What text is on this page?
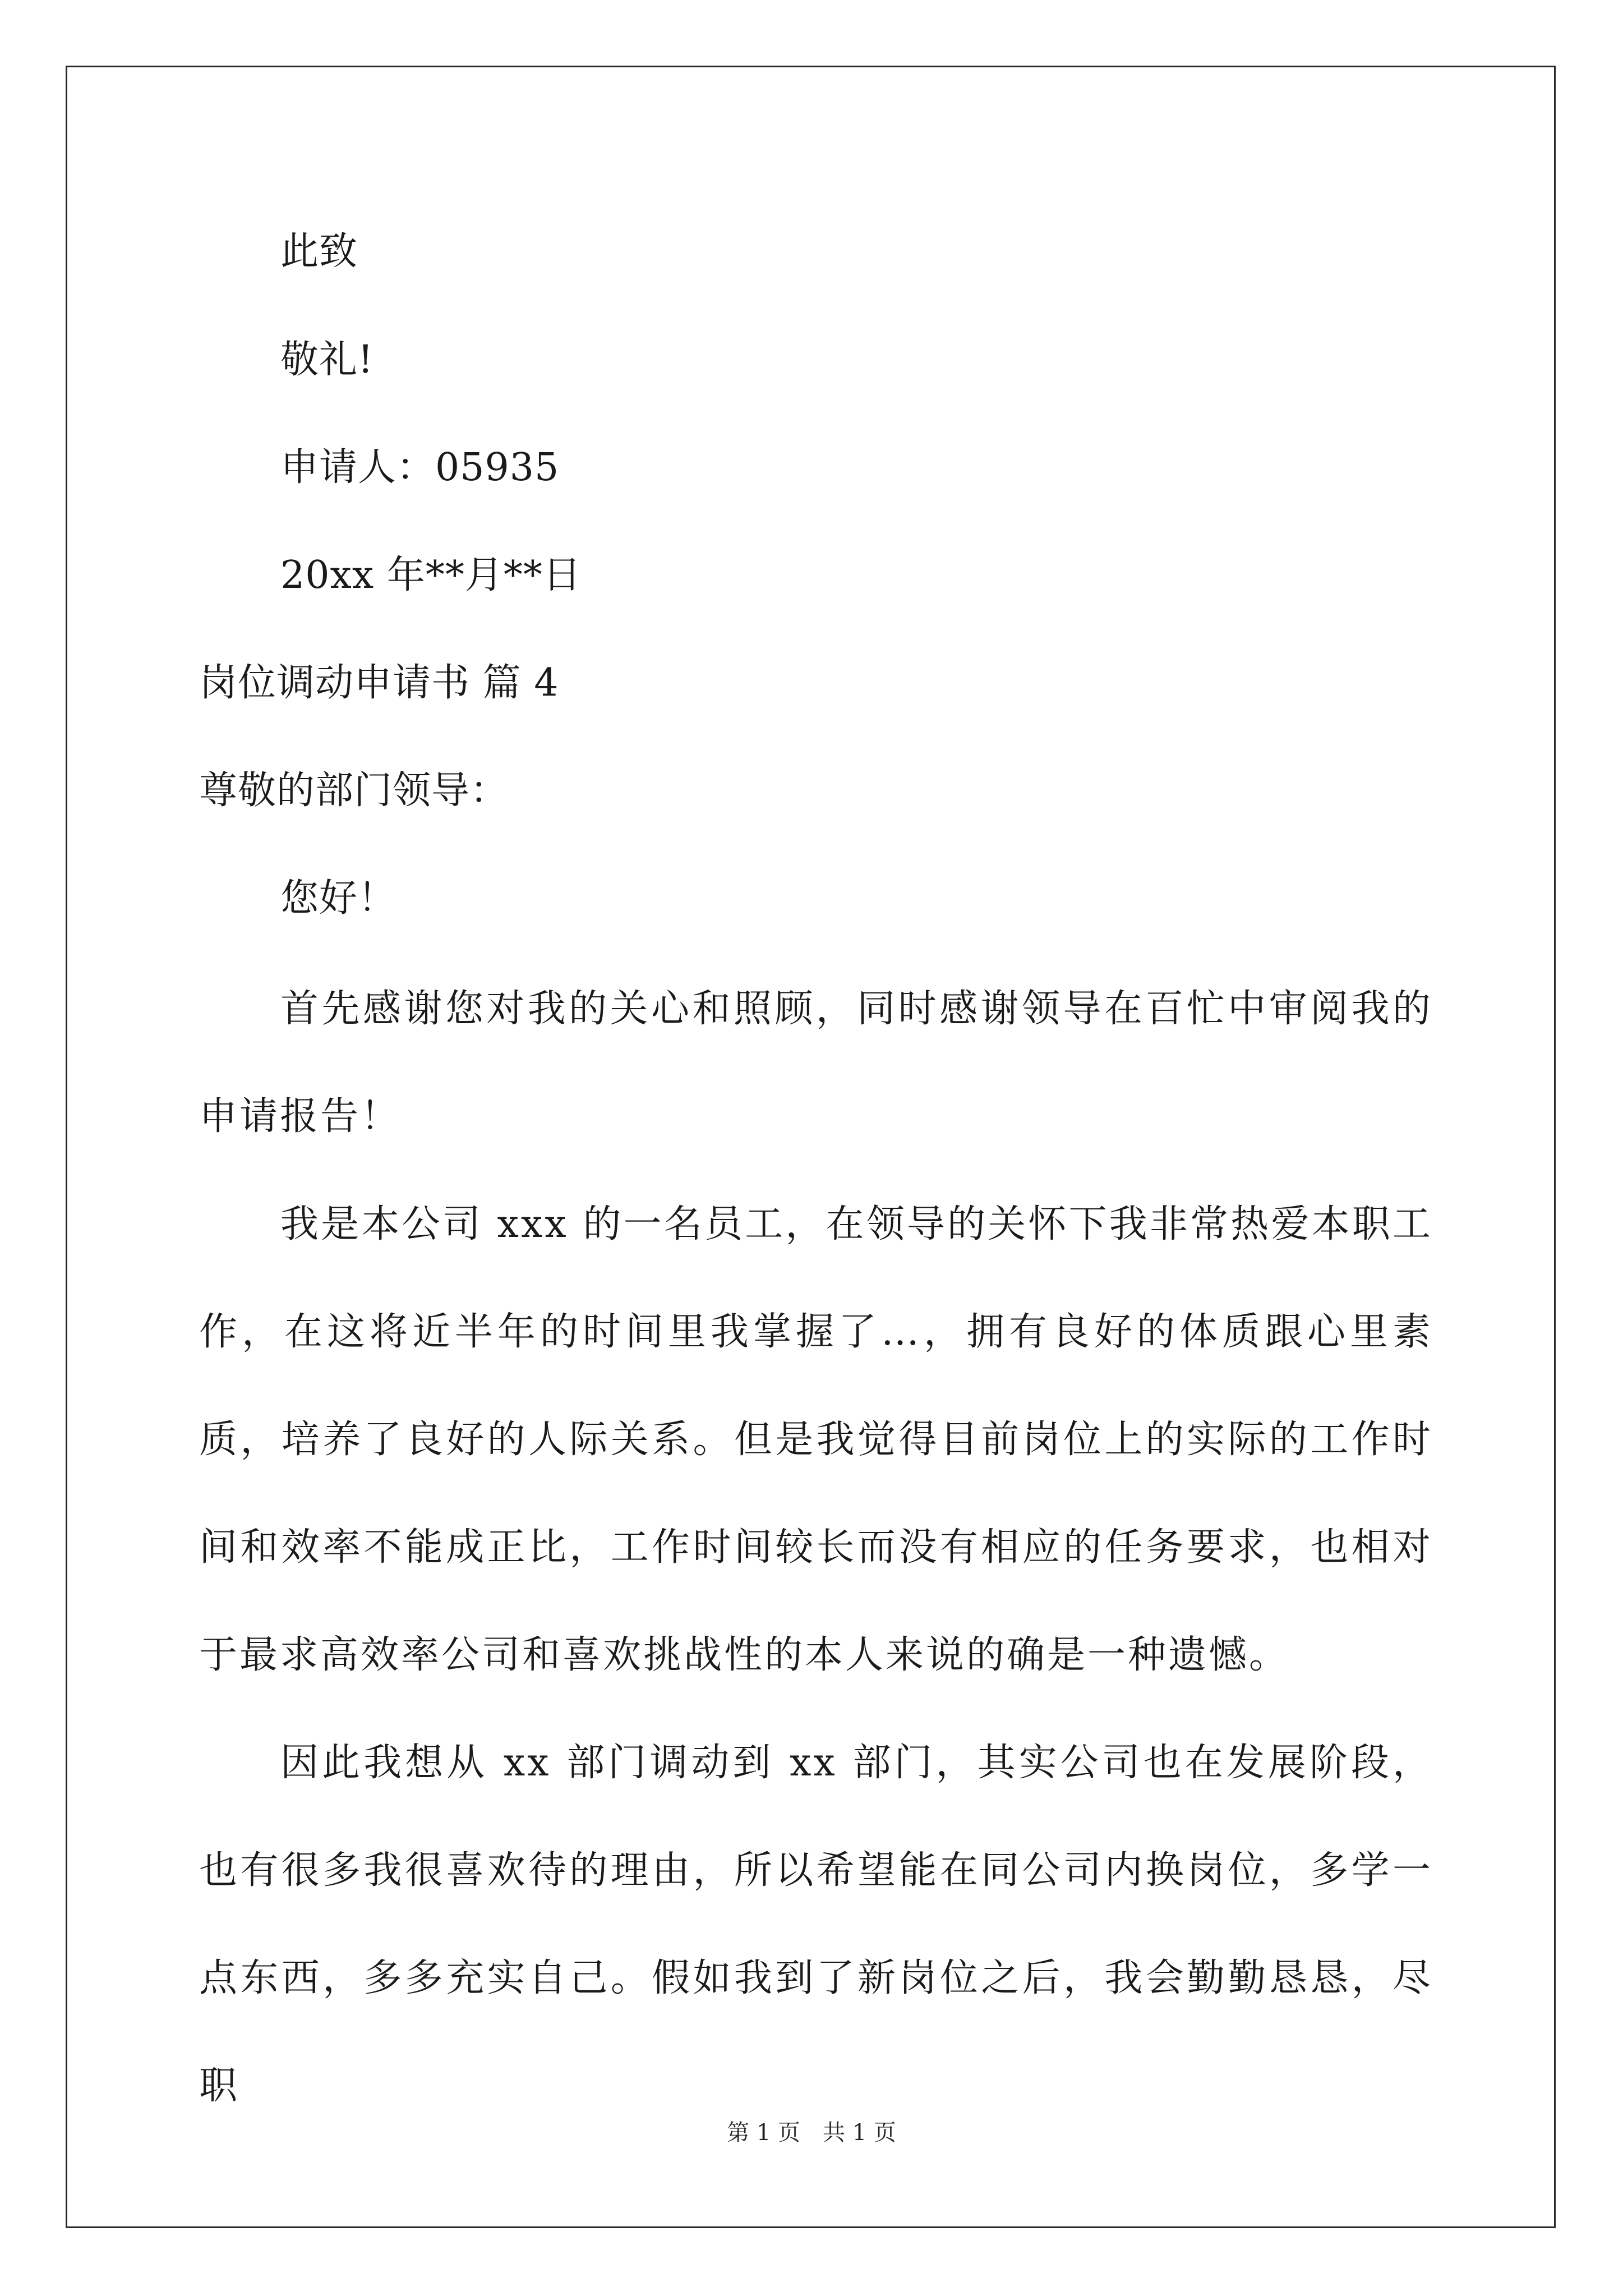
此致
敬礼!
申请人：05935
20xx 年**月**日
岗位调动申请书 篇 4
尊敬的部门领导：
您好！

首先感谢您对我的关心和照顾，同时感谢领导在百忙中审阅我的申请报告！

我是本公司 xxx 的一名员工，在领导的关怀下我非常热爱本职工作，在这将近半年的时间里我掌握了…，拥有良好的体质跟心里素质，培养了良好的人际关系。但是我觉得目前岗位上的实际的工作时间和效率不能成正比，工作时间较长而没有相应的任务要求，也相对于最求高效率公司和喜欢挑战性的本人来说的确是一种遗憾。

因此我想从 xx 部门调动到 xx 部门，其实公司也在发展阶段，也有很多我很喜欢待的理由，所以希望能在同公司内换岗位，多学一点东西，多多充实自己。假如我到了新岗位之后，我会勤勤恳恳，尽职

第 1 页　共 1 页
